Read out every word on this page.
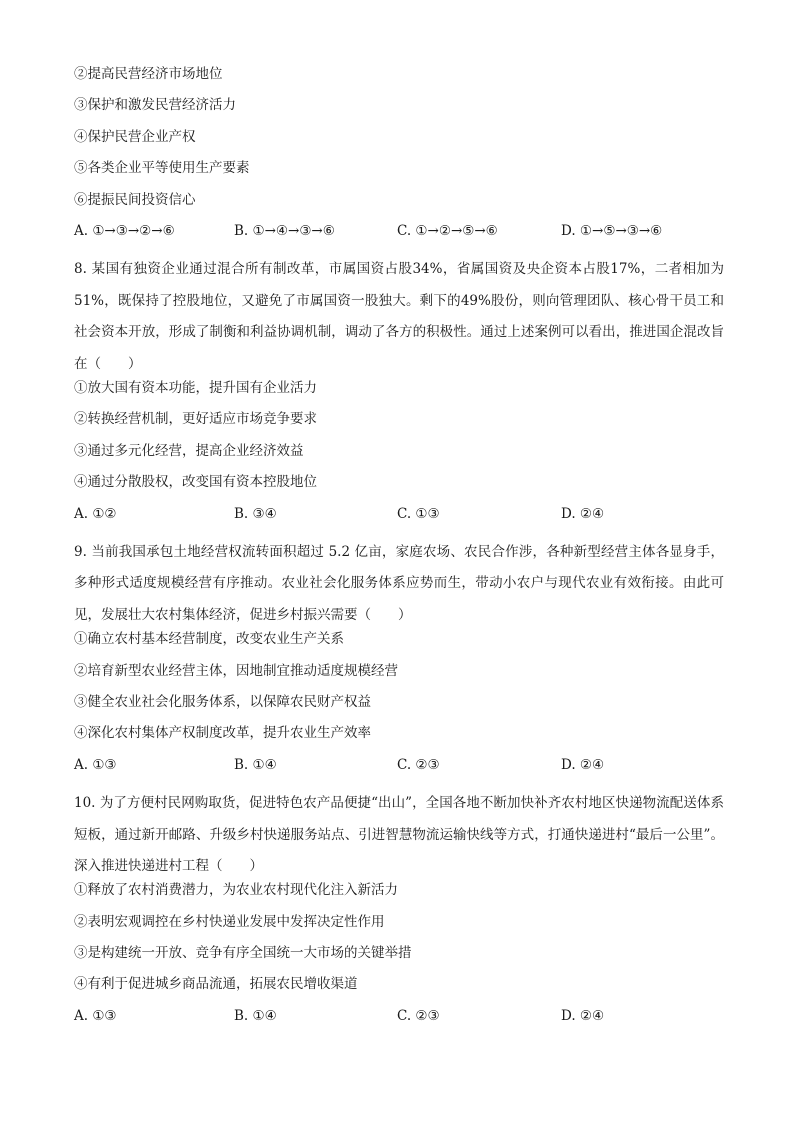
②提高民营经济市场地位
③保护和激发民营经济活力
④保护民营企业产权
⑤各类企业平等使用生产要素
⑥提振民间投资信心
A. ①→③→②→⑥	B. ①→④→③→⑥	C. ①→②→⑤→⑥	D. ①→⑤→③→⑥
8. 某国有独资企业通过混合所有制改革，市属国资占股34%，省属国资及央企资本占股17%，二者相加为51%，既保持了控股地位，又避免了市属国资一股独大。剩下的49%股份，则向管理团队、核心骨干员工和社会资本开放，形成了制衡和利益协调机制，调动了各方的积极性。通过上述案例可以看出，推进国企混改旨在（　　）
①放大国有资本功能，提升国有企业活力
②转换经营机制，更好适应市场竞争要求
③通过多元化经营，提高企业经济效益
④通过分散股权，改变国有资本控股地位
A. ①②	B. ③④	C. ①③	D. ②④
9. 当前我国承包土地经营权流转面积超过 5.2 亿亩，家庭农场、农民合作涉，各种新型经营主体各显身手，多种形式适度规模经营有序推动。农业社会化服务体系应势而生，带动小农户与现代农业有效衔接。由此可见，发展壮大农村集体经济，促进乡村振兴需要（　　）
①确立农村基本经营制度，改变农业生产关系
②培育新型农业经营主体，因地制宜推动适度规模经营
③健全农业社会化服务体系，以保障农民财产权益
④深化农村集体产权制度改革，提升农业生产效率
A. ①③	B. ①④	C. ②③	D. ②④
10. 为了方便村民网购取货，促进特色农产品便捷“出山”，全国各地不断加快补齐农村地区快递物流配送体系短板，通过新开邮路、升级乡村快递服务站点、引进智慧物流运输快线等方式，打通快递进村“最后一公里”。深入推进快递进村工程（　　）
①释放了农村消费潜力，为农业农村现代化注入新活力
②表明宏观调控在乡村快递业发展中发挥决定性作用
③是构建统一开放、竞争有序全国统一大市场的关键举措
④有利于促进城乡商品流通，拓展农民增收渠道
A. ①③	B. ①④	C. ②③	D. ②④
